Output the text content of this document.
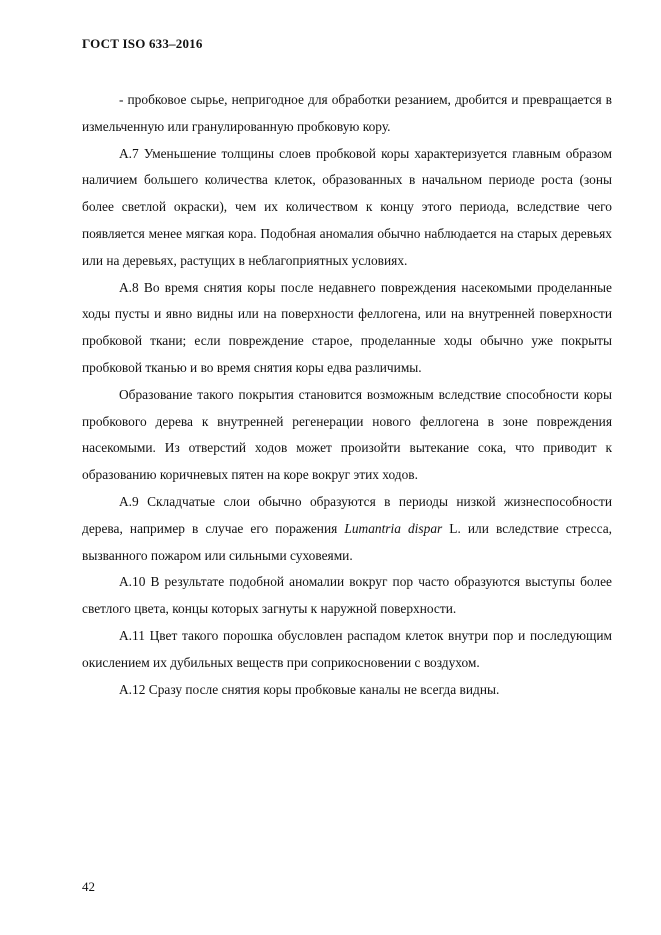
ГОСТ ISO 633‒2016

- пробковое сырье, непригодное для обработки резанием, дробится и превращается в измельченную или гранулированную пробковую кору.

А.7 Уменьшение толщины слоев пробковой коры характеризуется главным образом наличием большего количества клеток, образованных в начальном периоде роста (зоны более светлой окраски), чем их количеством к концу этого периода, вследствие чего появляется менее мягкая кора. Подобная аномалия обычно наблюдается на старых деревьях или на деревьях, растущих в неблагоприятных условиях.

А.8 Во время снятия коры после недавнего повреждения насекомыми проделанные ходы пусты и явно видны или на поверхности феллогена, или на внутренней поверхности пробковой ткани; если повреждение старое, проделанные ходы обычно уже покрыты пробковой тканью и во время снятия коры едва различимы.

Образование такого покрытия становится возможным вследствие способности коры пробкового дерева к внутренней регенерации нового феллогена в зоне повреждения насекомыми. Из отверстий ходов может произойти вытекание сока, что приводит к образованию коричневых пятен на коре вокруг этих ходов.

А.9 Складчатые слои обычно образуются в периоды низкой жизнеспособности дерева, например в случае его поражения Lumantria dispar L. или вследствие стресса, вызванного пожаром или сильными суховеями.

А.10 В результате подобной аномалии вокруг пор часто образуются выступы более светлого цвета, концы которых загнуты к наружной поверхности.

А.11 Цвет такого порошка обусловлен распадом клеток внутри пор и последующим окислением их дубильных веществ при соприкосновении с воздухом.

А.12 Сразу после снятия коры пробковые каналы не всегда видны.

42
